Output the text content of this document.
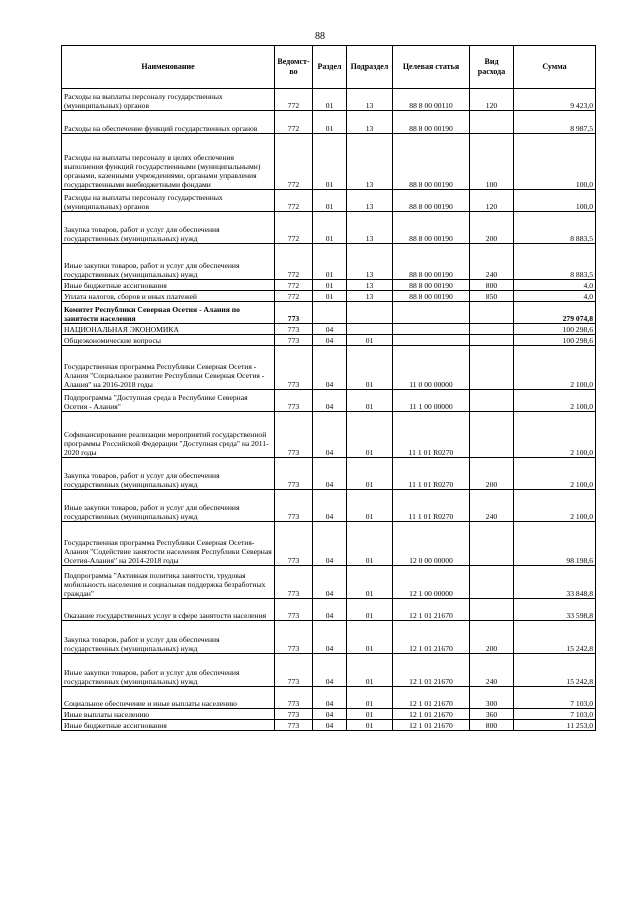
88
Наименование	Ведомст-во	Раздел	Подраздел	Целевая статья	Вид расхода	Сумма
Расходы на выплаты персоналу государственных (муниципальных) органов	772	01	13	88 8 00 00110	120	9 423,0
Расходы на обеспечение функций государственных органов	772	01	13	88 8 00 00190		8 987,5
Расходы на выплаты персоналу в целях обеспечения выполнения функций государственными (муниципальными) органами, казенными учреждениями, органами управления государственными внебюджетными фондами	772	01	13	88 8 00 00190	100	100,0
Расходы на выплаты персоналу государственных (муниципальных) органов	772	01	13	88 8 00 00190	120	100,0
Закупка товаров, работ и услуг для обеспечения государственных (муниципальных) нужд	772	01	13	88 8 00 00190	200	8 883,5
Иные закупки товаров, работ и услуг для обеспечения государственных (муниципальных) нужд	772	01	13	88 8 00 00190	240	8 883,5
Иные бюджетные ассигнования	772	01	13	88 8 00 00190	800	4,0
Уплата налогов, сборов и иных платежей	772	01	13	88 8 00 00190	850	4,0
Комитет Республики Северная Осетия - Алания по занятости населения	773					279 074,8
НАЦИОНАЛЬНАЯ ЭКОНОМИКА	773	04				100 298,6
Общеэкономические вопросы	773	04	01			100 298,6
Государственная программа Республики Северная Осетия - Алания "Социальное развитие Республики Северная Осетия - Алания" на 2016-2018 годы	773	04	01	11 0 00 00000		2 100,0
Подпрограмма "Доступная среда в Республике Северная Осетия - Алания"	773	04	01	11 1 00 00000		2 100,0
Софинансирование реализации мероприятий государственной программы Российской Федерации "Доступная среда" на 2011-2020 годы	773	04	01	11 1 01 R0270		2 100,0
Закупка товаров, работ и услуг для обеспечения государственных (муниципальных) нужд	773	04	01	11 1 01 R0270	200	2 100,0
Иные закупки товаров, работ и услуг для обеспечения государственных (муниципальных) нужд	773	04	01	11 1 01 R0270	240	2 100,0
Государственная программа Республики Северная Осетия-Алания "Содействие занятости населения Республики Северная Осетия-Алания" на 2014-2018 годы	773	04	01	12 0 00 00000		98 198,6
Подпрограмма "Активная политика занятости, трудовая мобильность населения и социальная поддержка безработных граждан"	773	04	01	12 1 00 00000		33 848,8
Оказание государственных услуг в сфере занятости населения	773	04	01	12 1 01 21670		33 598,8
Закупка товаров, работ и услуг для обеспечения государственных (муниципальных) нужд	773	04	01	12 1 01 21670	200	15 242,8
Иные закупки товаров, работ и услуг для обеспечения государственных (муниципальных) нужд	773	04	01	12 1 01 21670	240	15 242,8
Социальное обеспечение и иные выплаты населению	773	04	01	12 1 01 21670	300	7 103,0
Иные выплаты населению	773	04	01	12 1 01 21670	360	7 103,0
Иные бюджетные ассигнования	773	04	01	12 1 01 21670	800	11 253,0
